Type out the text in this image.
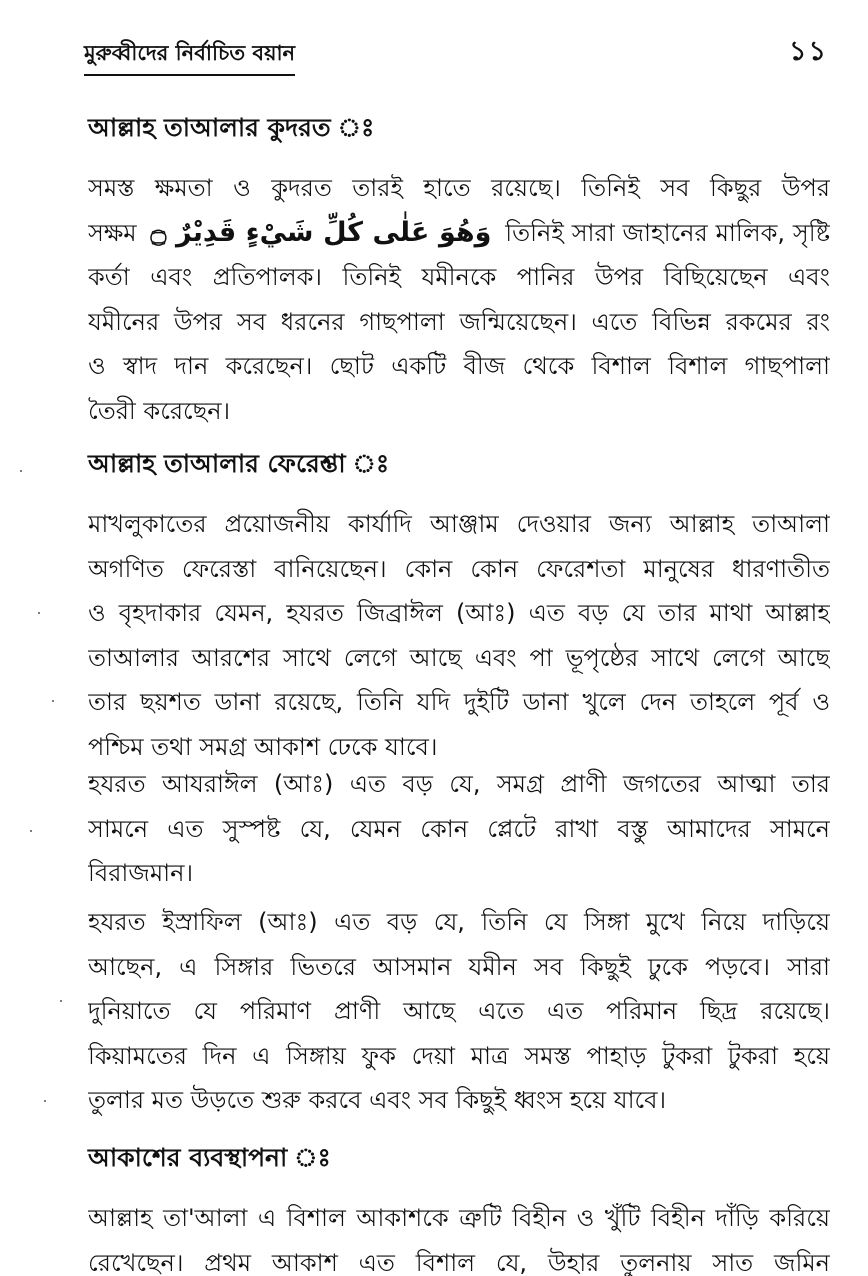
মুরুব্বীদের নির্বাচিত বয়ান	১১
আল্লাহ তাআলার কুদরত ঃ
সমস্ত ক্ষমতা ও কুদরত তারই হাতে রয়েছে। তিনিই সব কিছুর উপর
সক্ষম وَهُوَ عَلٰى كُلِّ شَيْءٍ قَدِيْرٌ ۝ তিনিই সারা জাহানের মালিক, সৃষ্টি
কর্তা এবং প্রতিপালক। তিনিই যমীনকে পানির উপর বিছিয়েছেন এবং
যমীনের উপর সব ধরনের গাছপালা জন্মিয়েছেন। এতে বিভিন্ন রকমের রং
ও স্বাদ দান করেছেন। ছোট একটি বীজ থেকে বিশাল বিশাল গাছপালা
তৈরী করেছেন।
আল্লাহ তাআলার ফেরেশ্তা ঃ
মাখলুকাতের প্রয়োজনীয় কার্যাদি আঞ্জাম দেওয়ার জন্য আল্লাহ তাআলা
অগণিত ফেরেস্তা বানিয়েছেন। কোন কোন ফেরেশতা মানুষের ধারণাতীত
ও বৃহদাকার যেমন, হযরত জিব্রাঈল (আঃ) এত বড় যে তার মাথা আল্লাহ
তাআলার আরশের সাথে লেগে আছে এবং পা ভূপৃষ্ঠের সাথে লেগে আছে
তার ছয়শত ডানা রয়েছে, তিনি যদি দুইটি ডানা খুলে দেন তাহলে পূর্ব ও
পশ্চিম তথা সমগ্র আকাশ ঢেকে যাবে।
হযরত আযরাঈল (আঃ) এত বড় যে, সমগ্র প্রাণী জগতের আত্মা তার
সামনে এত সুস্পষ্ট যে, যেমন কোন প্লেটে রাখা বস্তু আমাদের সামনে
বিরাজমান।
হযরত ইস্রাফিল (আঃ) এত বড় যে, তিনি যে সিঙ্গা মুখে নিয়ে দাড়িয়ে
আছেন, এ সিঙ্গার ভিতরে আসমান যমীন সব কিছুই ঢুকে পড়বে। সারা
দুনিয়াতে যে পরিমাণ প্রাণী আছে এতে এত পরিমান ছিদ্র রয়েছে।
কিয়ামতের দিন এ সিঙ্গায় ফুক দেয়া মাত্র সমস্ত পাহাড় টুকরা টুকরা হয়ে
তুলার মত উড়তে শুরু করবে এবং সব কিছুই ধ্বংস হয়ে যাবে।
আকাশের ব্যবস্থাপনা ঃ
আল্লাহ তা'আলা এ বিশাল আকাশকে ত্রুটি বিহীন ও খুঁটি বিহীন দাঁড়ি করিয়ে
রেখেছেন। প্রথম আকাশ এত বিশাল যে, উহার তুলনায় সাত জমিন
